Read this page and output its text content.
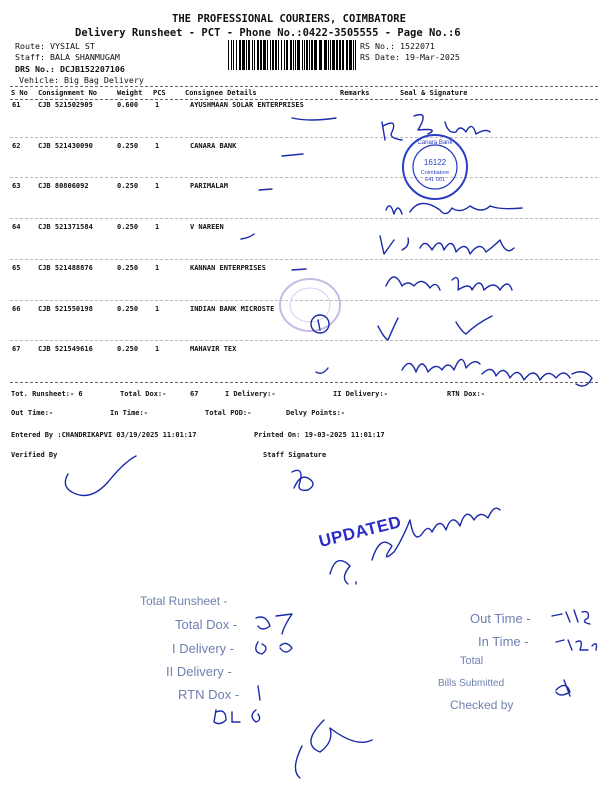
THE PROFESSIONAL COURIERS, COIMBATORE
Delivery Runsheet - PCT - Phone No.:0422-3505555 - Page No.:6
Route: VYSIAL ST
Staff: BALA SHANMUGAM
DRS No.: DCJB152207106
Vehicle: Big Bag Delivery
RS No.: 1522071
RS Date: 19-Mar-2025
S No Consignment No	Weight PCS	Consignee Details	Remarks	Seal & Signature
61	CJB 521502905	0.600 1	AYUSHMAAN SOLAR ENTERPRISES
62	CJB 521430090	0.250 1	CANARA BANK
63	CJB 80806092	0.250 1	PARIMALAM
64	CJB 521371584	0.250 1	V NAREEN
65	CJB 521488876	0.250 1	KANNAN ENTERPRISES
66	CJB 521550198	0.250 1	INDIAN BANK MICROSTE
67	CJB 521549616	0.250 1	MAHAVIR TEX
Tot. Runsheet:- 6	Total Dox:-	67	I Delivery:-	II Delivery:-	RTN Dox:-
Out Time:-	In Time:-	Total POD:-	Delvy Points:-
Entered By :CHANDRIKAPVI 03/19/2025 11:01:17	Printed On: 19-03-2025 11:01:17
Verified By	Staff Signature
16122
Coimbatore
641 001
Canara Bank
UPDATED
Total Runsheet -
Total Dox -
I Delivery -
II Delivery -
RTN Dox -
Out Time -
In Time -
Total
Bills Submitted
Checked by
